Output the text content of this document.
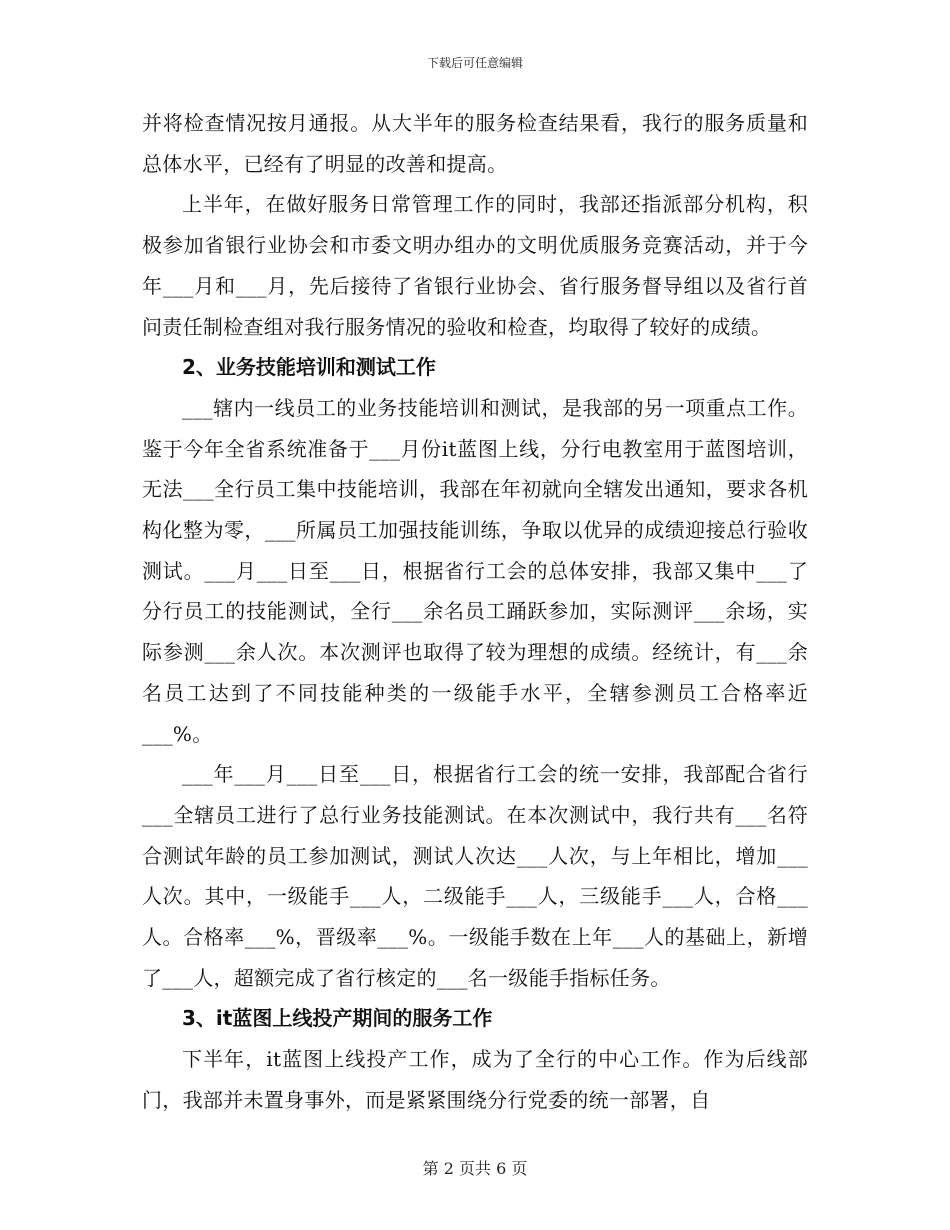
下载后可任意编辑

并将检查情况按月通报。从大半年的服务检查结果看，我行的服务质量和总体水平，已经有了明显的改善和提高。

上半年，在做好服务日常管理工作的同时，我部还指派部分机构，积极参加省银行业协会和市委文明办组办的文明优质服务竞赛活动，并于今年___月和___月，先后接待了省银行业协会、省行服务督导组以及省行首问责任制检查组对我行服务情况的验收和检查，均取得了较好的成绩。

2、业务技能培训和测试工作

___辖内一线员工的业务技能培训和测试，是我部的另一项重点工作。鉴于今年全省系统准备于___月份it蓝图上线，分行电教室用于蓝图培训，无法___全行员工集中技能培训，我部在年初就向全辖发出通知，要求各机构化整为零，___所属员工加强技能训练，争取以优异的成绩迎接总行验收测试。___月___日至___日，根据省行工会的总体安排，我部又集中___了分行员工的技能测试，全行___余名员工踊跃参加，实际测评___余场，实际参测___余人次。本次测评也取得了较为理想的成绩。经统计，有___余名员工达到了不同技能种类的一级能手水平，全辖参测员工合格率近___%。

___年___月___日至___日，根据省行工会的统一安排，我部配合省行___全辖员工进行了总行业务技能测试。在本次测试中，我行共有___名符合测试年龄的员工参加测试，测试人次达___人次，与上年相比，增加___人次。其中，一级能手___人，二级能手___人，三级能手___人，合格___人。合格率___%，晋级率___%。一级能手数在上年___人的基础上，新增了___人，超额完成了省行核定的___名一级能手指标任务。

3、it蓝图上线投产期间的服务工作

下半年，it蓝图上线投产工作，成为了全行的中心工作。作为后线部门，我部并未置身事外，而是紧紧围绕分行党委的统一部署，自

第 2 页共 6 页
